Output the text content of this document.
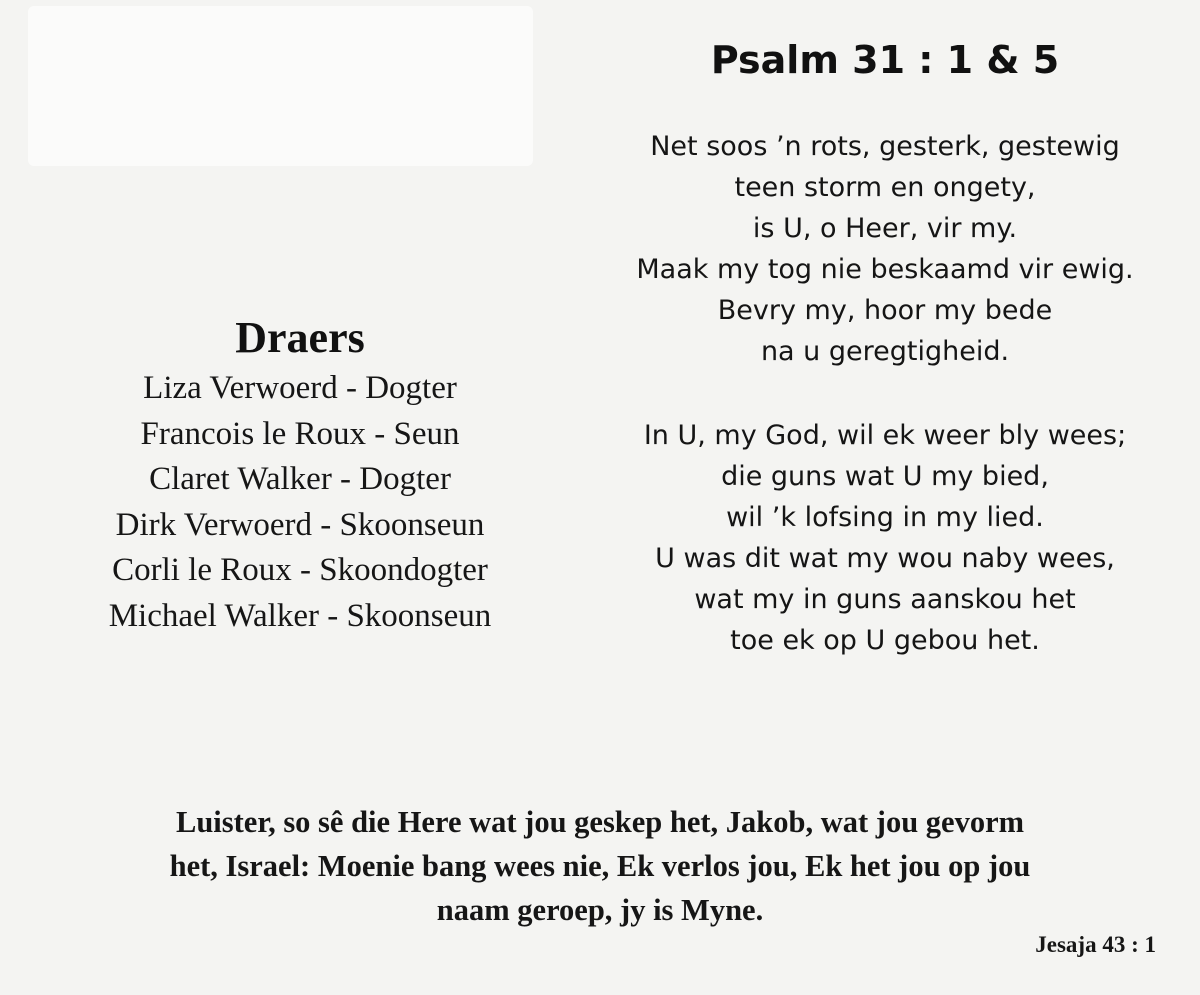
Draers
Liza Verwoerd - Dogter
Francois le Roux - Seun
Claret Walker - Dogter
Dirk Verwoerd - Skoonseun
Corli le Roux - Skoondogter
Michael Walker - Skoonseun
Psalm 31 : 1 & 5
Net soos ’n rots, gesterk, gestewig
teen storm en ongety,
is U, o Heer, vir my.
Maak my tog nie beskaamd vir ewig.
Bevry my, hoor my bede
na u geregtigheid.
In U, my God, wil ek weer bly wees;
die guns wat U my bied,
wil ’k lofsing in my lied.
U was dit wat my wou naby wees,
wat my in guns aanskou het
toe ek op U gebou het.
Luister, so sê die Here wat jou geskep het, Jakob, wat jou gevorm
het, Israel: Moenie bang wees nie, Ek verlos jou, Ek het jou op jou
naam geroep, jy is Myne.
Jesaja 43 : 1
